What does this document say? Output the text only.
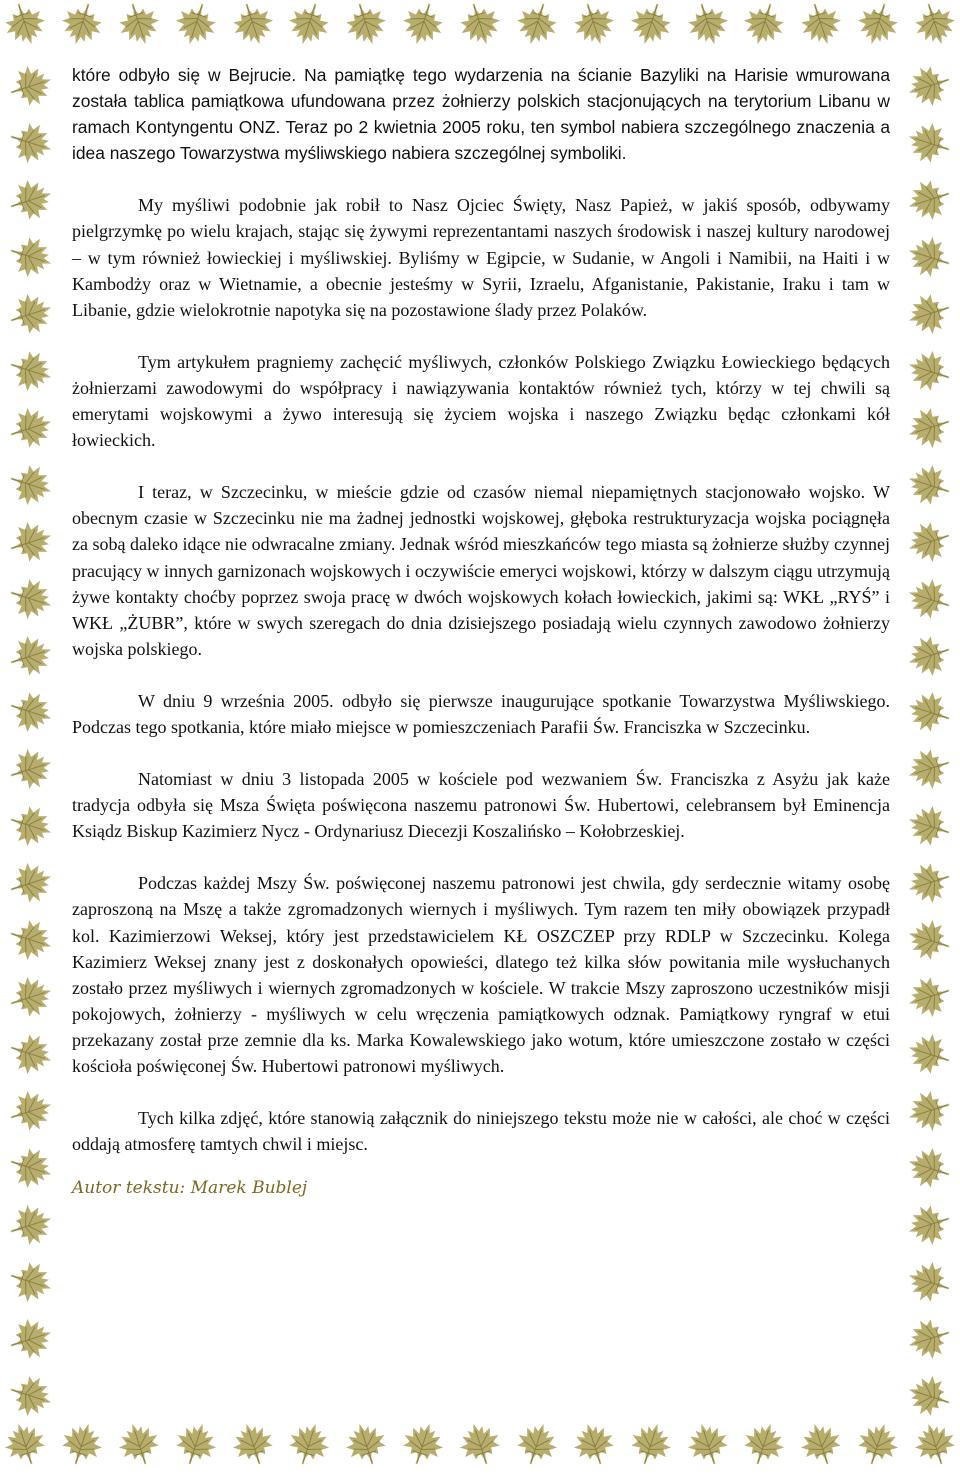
które odbyło się w Bejrucie. Na pamiątkę tego wydarzenia na ścianie Bazyliki na Harisie wmurowana została tablica pamiątkowa ufundowana przez żołnierzy polskich stacjonujących na terytorium Libanu w ramach Kontyngentu ONZ. Teraz po 2 kwietnia 2005 roku, ten symbol nabiera szczególnego znaczenia a idea naszego Towarzystwa myśliwskiego nabiera szczególnej symboliki.

My myśliwi podobnie jak robił to Nasz Ojciec Święty, Nasz Papież, w jakiś sposób, odbywamy pielgrzymkę po wielu krajach, stając się żywymi reprezentantami naszych środowisk i naszej kultury narodowej – w tym również łowieckiej i myśliwskiej. Byliśmy w Egipcie, w Sudanie, w Angoli i Namibii, na Haiti i w Kambodży oraz w Wietnamie, a obecnie jesteśmy w Syrii, Izraelu, Afganistanie, Pakistanie, Iraku i tam w Libanie, gdzie wielokrotnie napotyka się na pozostawione ślady przez Polaków.

Tym artykułem pragniemy zachęcić myśliwych, członków Polskiego Związku Łowieckiego będących żołnierzami zawodowymi do współpracy i nawiązywania kontaktów również tych, którzy w tej chwili są emerytami wojskowymi a żywo interesują się życiem wojska i naszego Związku będąc członkami kół łowieckich.

I teraz, w Szczecinku, w mieście gdzie od czasów niemal niepamiętnych stacjonowało wojsko. W obecnym czasie w Szczecinku nie ma żadnej jednostki wojskowej, głęboka restrukturyzacja wojska pociągnęła za sobą daleko idące nie odwracalne zmiany. Jednak wśród mieszkańców tego miasta są żołnierze służby czynnej pracujący w innych garnizonach wojskowych i oczywiście emeryci wojskowi, którzy w dalszym ciągu utrzymują żywe kontakty choćby poprzez swoja pracę w dwóch wojskowych kołach łowieckich, jakimi są: WKŁ „RYŚ” i WKŁ „ŻUBR”, które w swych szeregach do dnia dzisiejszego posiadają wielu czynnych zawodowo żołnierzy wojska polskiego.

W dniu 9 września 2005. odbyło się pierwsze inaugurujące spotkanie Towarzystwa Myśliwskiego. Podczas tego spotkania, które miało miejsce w pomieszczeniach Parafii Św. Franciszka w Szczecinku.

Natomiast w dniu 3 listopada 2005 w kościele pod wezwaniem Św. Franciszka z Asyżu jak każe tradycja odbyła się Msza Święta poświęcona naszemu patronowi Św. Hubertowi, celebransem był Eminencja Ksiądz Biskup Kazimierz Nycz - Ordynariusz Diecezji Koszalińsko – Kołobrzeskiej.

Podczas każdej Mszy Św. poświęconej naszemu patronowi jest chwila, gdy serdecznie witamy osobę zaproszoną na Mszę a także zgromadzonych wiernych i myśliwych. Tym razem ten miły obowiązek przypadł kol. Kazimierzowi Weksej, który jest przedstawicielem KŁ OSZCZEP przy RDLP w Szczecinku. Kolega Kazimierz Weksej znany jest z doskonałych opowieści, dlatego też kilka słów powitania mile wysłuchanych zostało przez myśliwych i wiernych zgromadzonych w kościele. W trakcie Mszy zaproszono uczestników misji pokojowych, żołnierzy - myśliwych w celu wręczenia pamiątkowych odznak. Pamiątkowy ryngraf w etui przekazany został prze zemnie dla ks. Marka Kowalewskiego jako wotum, które umieszczone zostało w części kościoła poświęconej Św. Hubertowi patronowi myśliwych.

Tych kilka zdjęć, które stanowią załącznik do niniejszego tekstu może nie w całości, ale choć w części oddają atmosferę tamtych chwil i miejsc.

Autor tekstu: Marek Bublej
